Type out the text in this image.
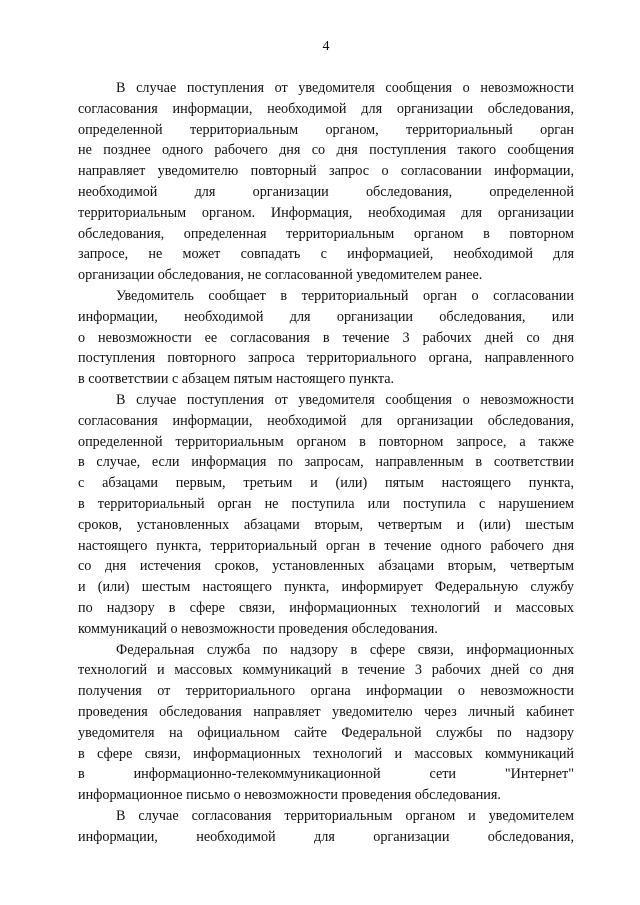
4
В случае поступления от уведомителя сообщения о невозможности
согласования информации, необходимой для организации обследования,
определенной территориальным органом, территориальный орган
не позднее одного рабочего дня со дня поступления такого сообщения
направляет уведомителю повторный запрос о согласовании информации,
необходимой для организации обследования, определенной
территориальным органом. Информация, необходимая для организации
обследования, определенная территориальным органом в повторном
запросе, не может совпадать с информацией, необходимой для
организации обследования, не согласованной уведомителем ранее.
Уведомитель сообщает в территориальный орган о согласовании
информации, необходимой для организации обследования, или
о невозможности ее согласования в течение 3 рабочих дней со дня
поступления повторного запроса территориального органа, направленного
в соответствии с абзацем пятым настоящего пункта.
В случае поступления от уведомителя сообщения о невозможности
согласования информации, необходимой для организации обследования,
определенной территориальным органом в повторном запросе, а также
в случае, если информация по запросам, направленным в соответствии
с абзацами первым, третьим и (или) пятым настоящего пункта,
в территориальный орган не поступила или поступила с нарушением
сроков, установленных абзацами вторым, четвертым и (или) шестым
настоящего пункта, территориальный орган в течение одного рабочего дня
со дня истечения сроков, установленных абзацами вторым, четвертым
и (или) шестым настоящего пункта, информирует Федеральную службу
по надзору в сфере связи, информационных технологий и массовых
коммуникаций о невозможности проведения обследования.
Федеральная служба по надзору в сфере связи, информационных
технологий и массовых коммуникаций в течение 3 рабочих дней со дня
получения от территориального органа информации о невозможности
проведения обследования направляет уведомителю через личный кабинет
уведомителя на официальном сайте Федеральной службы по надзору
в сфере связи, информационных технологий и массовых коммуникаций
в информационно-телекоммуникационной сети "Интернет"
информационное письмо о невозможности проведения обследования.
В случае согласования территориальным органом и уведомителем
информации, необходимой для организации обследования,
